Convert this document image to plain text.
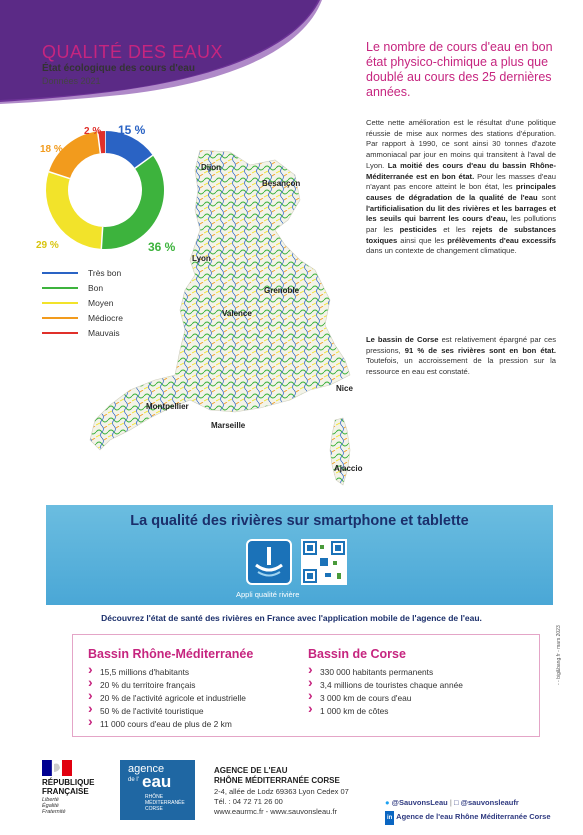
QUALITÉ DES EAUX
État écologique des cours d'eau
Données 2021
15 %
36 %
29 %
18 %
2 %
Très bon
Bon
Moyen
Médiocre
Mauvais
Dijon
Besançon
Lyon
Grenoble
Valence
Nice
Montpellier
Marseille
Ajaccio
Le nombre de cours d'eau en bon état physico-chimique a plus que doublé au cours des 25 dernières années.
Cette nette amélioration est le résultat d'une politique réussie de mise aux normes des stations d'épuration. Par rapport à 1990, ce sont ainsi 30 tonnes d'azote ammoniacal par jour en moins qui transitent à l'aval de Lyon. La moitié des cours d'eau du bassin Rhône-Méditerranée est en bon état. Pour les masses d'eau n'ayant pas encore atteint le bon état, les principales causes de dégradation de la qualité de l'eau sont l'artificialisation du lit des rivières et les barrages et les seuils qui barrent les cours d'eau, les pollutions par les pesticides et les rejets de substances toxiques ainsi que les prélèvements d'eau excessifs dans un contexte de changement climatique.
Le bassin de Corse est relativement épargné par ces pressions, 91 % de ses rivières sont en bon état. Toutefois, un accroissement de la pression sur la ressource en eau est constaté.
La qualité des rivières sur smartphone et tablette
Appli qualité rivière
Découvrez l'état de santé des rivières en France avec l'application mobile de l'agence de l'eau.
Bassin Rhône-Méditerranée
› 15,5 millions d'habitants
› 20 % du territoire français
› 20 % de l'activité agricole et industrielle
› 50 % de l'activité touristique
› 11 000 cours d'eau de plus de 2 km
Bassin de Corse
› 330 000 habitants permanents
› 3,4 millions de touristes chaque année
› 3 000 km de cours d'eau
› 1 000 km de côtes
- - big&bang.fr - mars 2023
RÉPUBLIQUE
FRANÇAISE
Liberté
Égalité
Fraternité
agence
de l' eau
RHÔNE
MÉDITERRANÉE
CORSE
AGENCE DE L'EAU
RHÔNE MÉDITERRANÉE CORSE
2-4, allée de Lodz 69363 Lyon Cedex 07
Tél. : 04 72 71 26 00
www.eaurmc.fr - www.sauvonsleau.fr
● @SauvonsLeau | □ @sauvonsleaufr
in Agence de l'eau Rhône Méditerranée Corse
